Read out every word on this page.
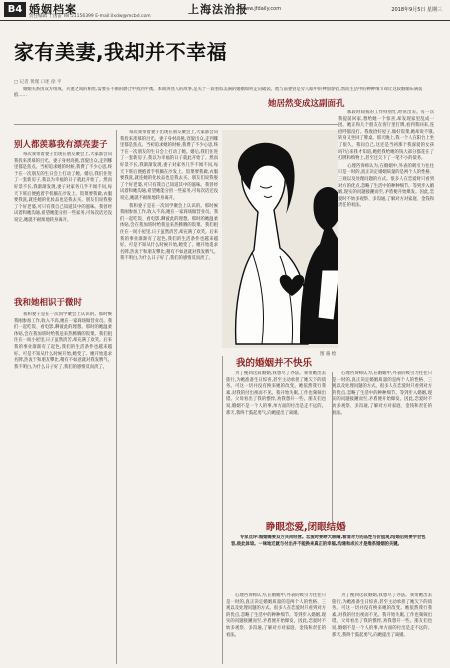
B4 婚姻档案
责任编辑 于国雷 Tel:51156399 E-mail:ilxdw@mcbd.com
上海法治报
www.jfdaily.com	2018年9月5日 星期三
家有美妻,我却并不幸福
□ 记者 黄瑾 口述 徐 平
婚姻关系由双方组成。夫妻之间的相处,需要在不断的磨合中找到平衡。本期讲述人的故事,是关于一段看似美满的婚姻如何走向破裂。他与前妻曾是旁人眼中的神仙眷侣,然而生活中的种种细节却让这段婚姻布满裂痕……
别人都羡慕我有漂亮妻子

每次我带着妻子出现在朋友聚会上,大家都会向我投来羡慕的目光。妻子身材高挑,容貌出众,走到哪里都是焦点。当初追求她的时候,我费了不少心思,终于在一次朋友的生日会上打动了她。婚后,我们住进了一套新房子,我以为幸福的日子就此开始了。然而好景不长,我渐渐发现,妻子对家务几乎不闻不问,每天下班后便抱着手机躺在沙发上。饭菜要我做,衣服要我洗,就连她的化妆品也是我去买。朋友们说我娶了个好老婆,可只有我自己知道其中的滋味。我曾经试着和她沟通,希望她能分担一些家务,可每次话还没说完,她就不耐烦地转身离开。

我和她相识于微时

我和妻子是在一次同学聚会上认识的。那时候我刚参加工作,收入不高,她在一家商场做营业员。我们一起吃饭、看电影,聊彼此的理想。那时的她温柔体贴,会在我加班时给我送来热腾腾的饭菜。我们租住在一间小屋里,日子虽然清苦,却充满了欢笑。后来我的事业渐渐有了起色,我们的生活条件也越来越好。可是不知从什么时候开始,她变了。她开始追求名牌,热衷于和朋友攀比,稍有不如意就对我发脾气。我不明白,为什么日子好了,我们的感情反而淡了。

每次我带着妻子出现在朋友聚会上,大家都会向我投来羡慕的目光。妻子身材高挑,容貌出众,走到哪里都是焦点。当初追求她的时候,我费了不少心思,终于在一次朋友的生日会上打动了她。婚后,我们住进了一套新房子,我以为幸福的日子就此开始了。然而好景不长,我渐渐发现,妻子对家务几乎不闻不问,每天下班后便抱着手机躺在沙发上。饭菜要我做,衣服要我洗,就连她的化妆品也是我去买。朋友们说我娶了个好老婆,可只有我自己知道其中的滋味。我曾经试着和她沟通,希望她能分担一些家务,可每次话还没说完,她就不耐烦地转身离开。

我和妻子是在一次同学聚会上认识的。那时候我刚参加工作,收入不高,她在一家商场做营业员。我们一起吃饭、看电影,聊彼此的理想。那时的她温柔体贴,会在我加班时给我送来热腾腾的饭菜。我们租住在一间小屋里,日子虽然清苦,却充满了欢笑。后来我的事业渐渐有了起色,我们的生活条件也越来越好。可是不知从什么时候开始,她变了。她开始追求名牌,热衷于和朋友攀比,稍有不如意就对我发脾气。我不明白,为什么日子好了,我们的感情反而淡了。

图 骆 绘
她居然变成这副面孔

那段时间我的工作特别忙,经常出差。有一次我提前回家,想给她一个惊喜,却发现家里乱成一团。她正和几个朋友在客厅里打牌,看到我回来,连招呼都没打。我收拾好屋子,做好饭菜,她却说不饿,转身又坐回了牌桌。那天晚上,我一个人在阳台上坐了很久。我问自己,这还是当初那个我深爱的女孩吗?后来我才知道,她把我给她的钱大部分都花在了打牌和购物上,甚至还欠下了一笔不小的债务。

心理咨询师认为,在婚姻中,外表的吸引力往往只是一时的,真正决定婚姻质量的是两个人的性格、三观以及处理问题的方式。很多人在恋爱时只看到对方的优点,忽略了生活中的种种细节。等到步入婚姻,现实的问题接踵而至,矛盾便开始爆发。因此,恋爱时不妨多观察、多沟通,了解对方对家庭、金钱和责任的看法。

我的婚姻并不快乐

为了挽回这段婚姻,我想尽了办法。我带她出去旅行,为她准备生日惊喜,甚至主动承担了她欠下的债务。可这一切并没有换来她的改变。她依然我行我素,对我的付出视而不见。我开始失眠,工作也频频出错。父母看出了我的憔悴,劝我想开一些。朋友们也说,婚姻不是一个人的事,单方面的付出是走不远的。那天,我终于鼓起勇气,向她提出了离婚。

心理咨询师认为,在婚姻中,外表的吸引力往往只是一时的,真正决定婚姻质量的是两个人的性格、三观以及处理问题的方式。很多人在恋爱时只看到对方的优点,忽略了生活中的种种细节。等到步入婚姻,现实的问题接踵而至,矛盾便开始爆发。因此,恋爱时不妨多观察、多沟通,了解对方对家庭、金钱和责任的看法。

睁眼恋爱,闭眼结婚
专家点评:婚姻需要双方共同经营。恋爱时要睁大眼睛,看清对方的品性与价值观;结婚后则要学会包容,彼此体谅。一味地迁就与付出并不能换来真正的幸福,沟通和成长才是维系婚姻的关键。

心理咨询师认为,在婚姻中,外表的吸引力往往只是一时的,真正决定婚姻质量的是两个人的性格、三观以及处理问题的方式。很多人在恋爱时只看到对方的优点,忽略了生活中的种种细节。等到步入婚姻,现实的问题接踵而至,矛盾便开始爆发。因此,恋爱时不妨多观察、多沟通,了解对方对家庭、金钱和责任的看法。

为了挽回这段婚姻,我想尽了办法。我带她出去旅行,为她准备生日惊喜,甚至主动承担了她欠下的债务。可这一切并没有换来她的改变。她依然我行我素,对我的付出视而不见。我开始失眠,工作也频频出错。父母看出了我的憔悴,劝我想开一些。朋友们也说,婚姻不是一个人的事,单方面的付出是走不远的。那天,我终于鼓起勇气,向她提出了离婚。
